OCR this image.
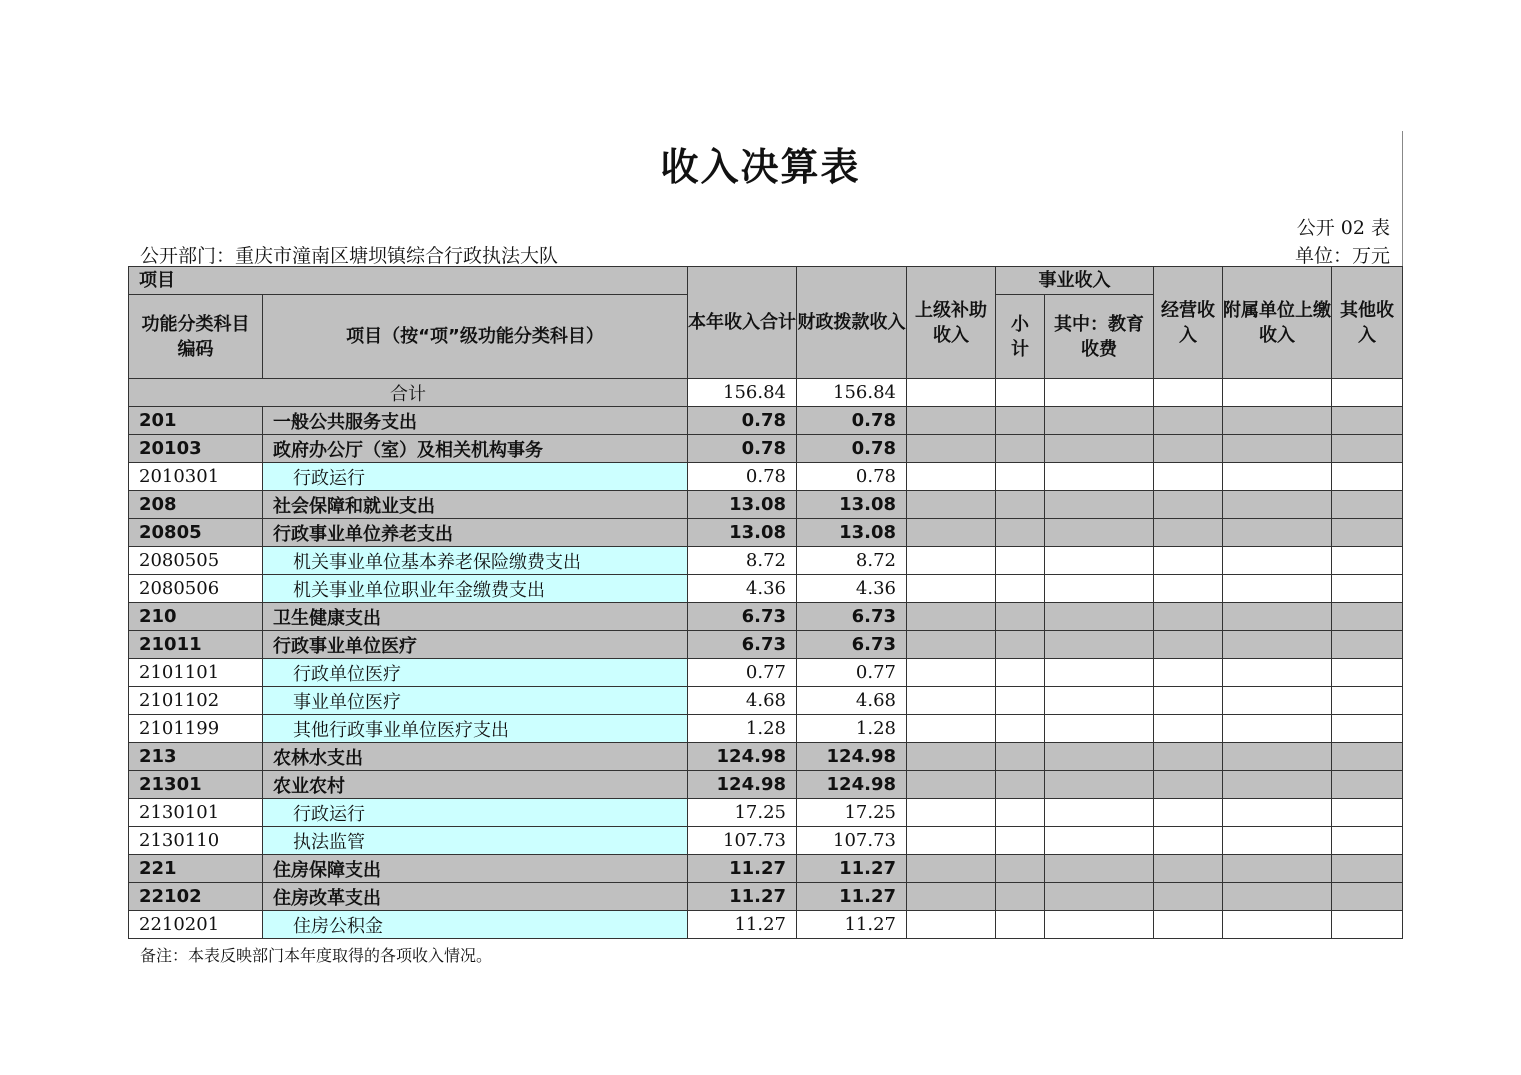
收入决算表
公开 02 表
公开部门：重庆市潼南区塘坝镇综合行政执法大队	单位：万元
项目		本年收入合计	财政拨款收入	上级补助收入	事业收入		经营收入	附属单位上缴收入	其他收入
功能分类科目编码	项目（按“项”级功能分类科目）				小计	其中：教育收费			
合计		156.84	156.84						
201	一般公共服务支出	0.78	0.78						
20103	政府办公厅（室）及相关机构事务	0.78	0.78						
2010301	行政运行	0.78	0.78						
208	社会保障和就业支出	13.08	13.08						
20805	行政事业单位养老支出	13.08	13.08						
2080505	机关事业单位基本养老保险缴费支出	8.72	8.72						
2080506	机关事业单位职业年金缴费支出	4.36	4.36						
210	卫生健康支出	6.73	6.73						
21011	行政事业单位医疗	6.73	6.73						
2101101	行政单位医疗	0.77	0.77						
2101102	事业单位医疗	4.68	4.68						
2101199	其他行政事业单位医疗支出	1.28	1.28						
213	农林水支出	124.98	124.98						
21301	农业农村	124.98	124.98						
2130101	行政运行	17.25	17.25						
2130110	执法监管	107.73	107.73						
221	住房保障支出	11.27	11.27						
22102	住房改革支出	11.27	11.27						
2210201	住房公积金	11.27	11.27						
备注：本表反映部门本年度取得的各项收入情况。
